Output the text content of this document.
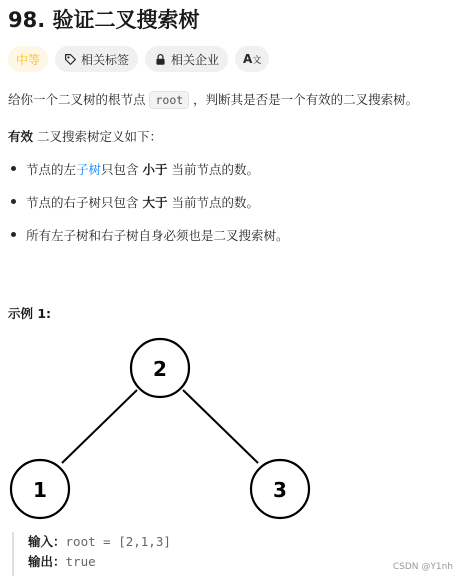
98. 验证二叉搜索树
中等	相关标签	相关企业 A文
给你一个二叉树的根节点 root ，判断其是否是一个有效的二叉搜索树。
有效 二叉搜索树定义如下：
节点的左子树只包含 小于 当前节点的数。
节点的右子树只包含 大于 当前节点的数。
所有左子树和右子树自身必须也是二叉搜索树。
示例 1:
2
1	3
输入：root = [2,1,3]
输出：true	CSDN @Y1nh
